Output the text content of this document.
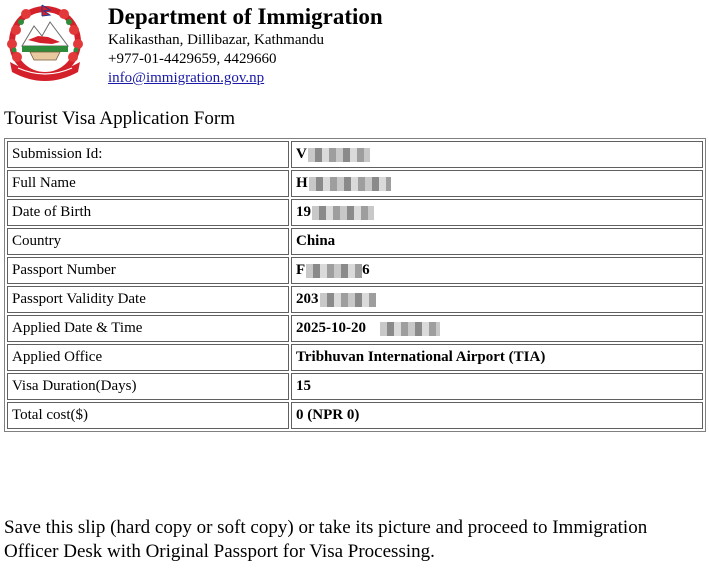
Department of Immigration
Kalikasthan, Dillibazar, Kathmandu
+977-01-4429659, 4429660
info@immigration.gov.np
Tourist Visa Application Form
Submission Id:	V
Full Name	H
Date of Birth	19
Country	China
Passport Number	F 6
Passport Validity Date	203
Applied Date & Time	2025-10-20
Applied Office	Tribhuvan International Airport (TIA)
Visa Duration(Days)	15
Total cost($)	0 (NPR 0)
Save this slip (hard copy or soft copy) or take its picture and proceed to Immigration Officer Desk with Original Passport for Visa Processing.
